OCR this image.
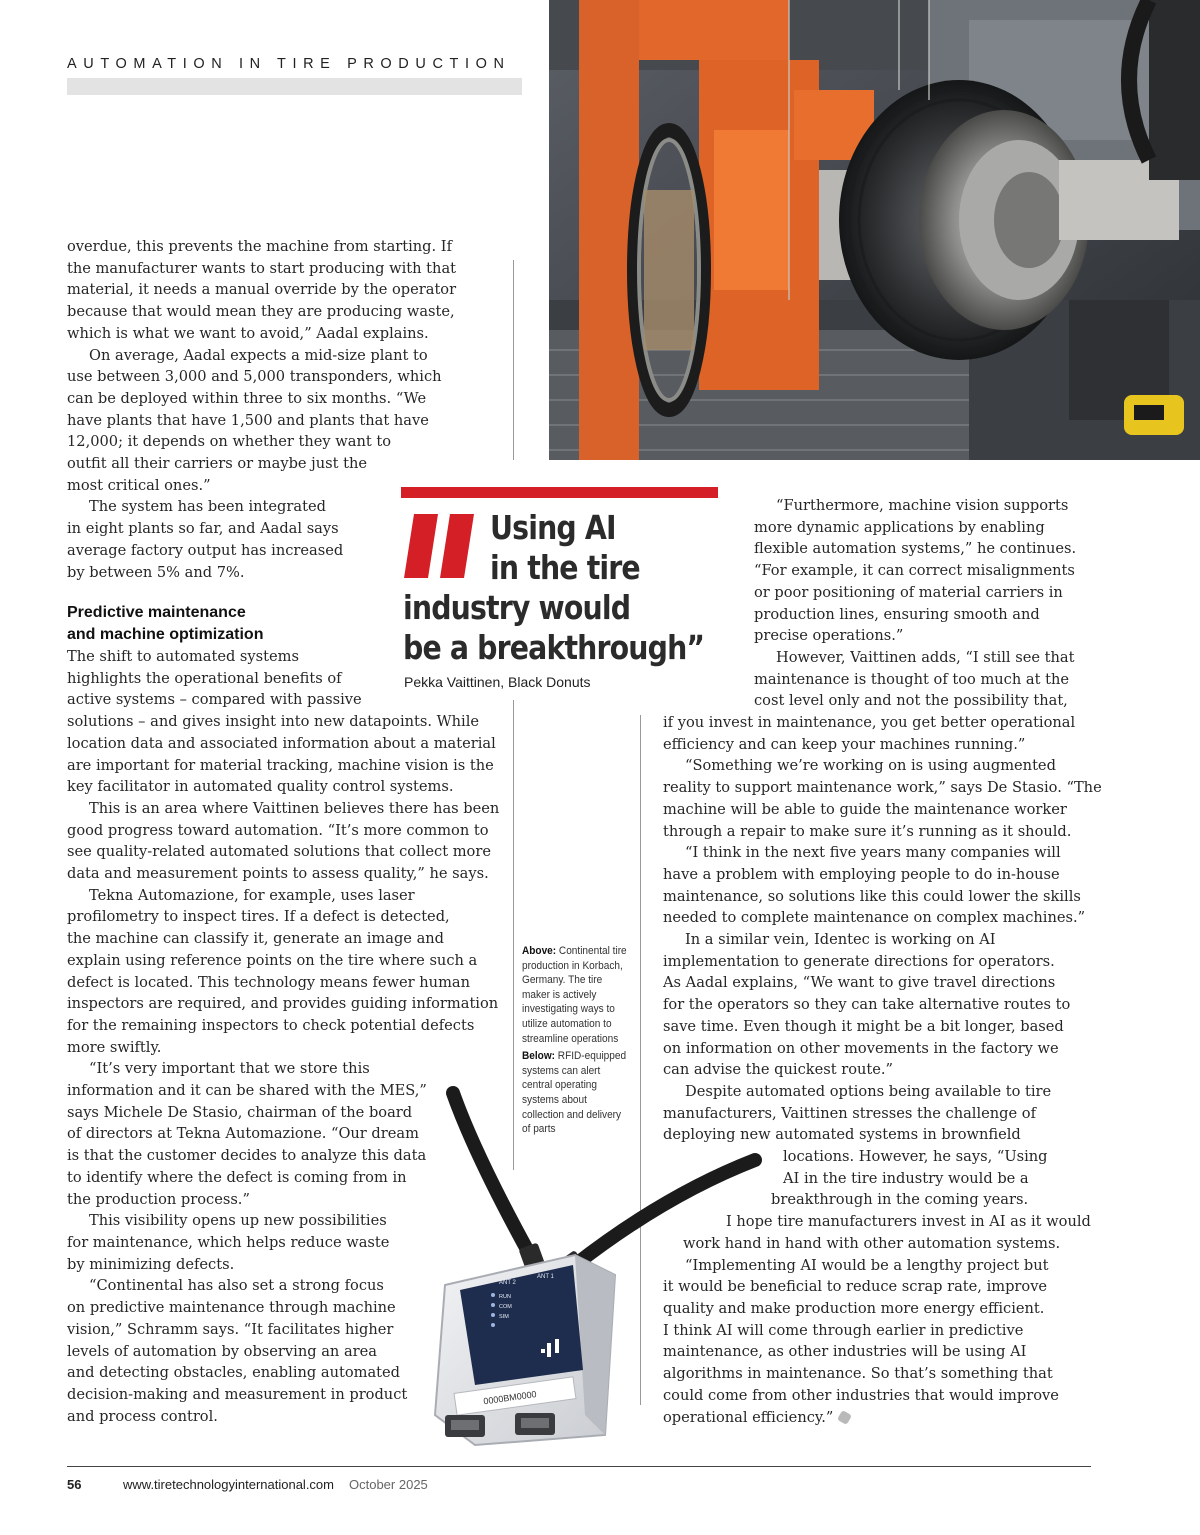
AUTOMATION IN TIRE PRODUCTION

overdue, this prevents the machine from starting. If

the manufacturer wants to start producing with that

material, it needs a manual override by the operator

because that would mean they are producing waste,

which is what we want to avoid,” Aadal explains.

On average, Aadal expects a mid-size plant to

use between 3,000 and 5,000 transponders, which

can be deployed within three to six months. “We

have plants that have 1,500 and plants that have

12,000; it depends on whether they want to

outfit all their carriers or maybe just the

most critical ones.”

The system has been integrated

in eight plants so far, and Aadal says

average factory output has increased

by between 5% and 7%.

Predictive maintenance
and machine optimization

The shift to automated systems

highlights the operational benefits of

active systems – compared with passive

solutions – and gives insight into new datapoints. While

location data and associated information about a material

are important for material tracking, machine vision is the

key facilitator in automated quality control systems.

This is an area where Vaittinen believes there has been

good progress toward automation. “It’s more common to

see quality-related automated solutions that collect more

data and measurement points to assess quality,” he says.

Tekna Automazione, for example, uses laser

profilometry to inspect tires. If a defect is detected,

the machine can classify it, generate an image and

explain using reference points on the tire where such a

defect is located. This technology means fewer human

inspectors are required, and provides guiding information

for the remaining inspectors to check potential defects

more swiftly.

“It’s very important that we store this

information and it can be shared with the MES,”

says Michele De Stasio, chairman of the board

of directors at Tekna Automazione. “Our dream

is that the customer decides to analyze this data

to identify where the defect is coming from in

the production process.”

This visibility opens up new possibilities

for maintenance, which helps reduce waste

by minimizing defects.

“Continental has also set a strong focus

on predictive maintenance through machine

vision,” Schramm says. “It facilitates higher

levels of automation by observing an area

and detecting obstacles, enabling automated

decision-making and measurement in product

and process control.

Using AI
in the tire
industry would
be a breakthrough”
Pekka Vaittinen, Black Donuts

Above: Continental tire production in Korbach, Germany. The tire maker is actively investigating ways to utilize automation to streamline operations

Below: RFID-equipped systems can alert central operating systems about collection and delivery of parts

“Furthermore, machine vision supports

more dynamic applications by enabling

flexible automation systems,” he continues.

“For example, it can correct misalignments

or poor positioning of material carriers in

production lines, ensuring smooth and

precise operations.”

However, Vaittinen adds, “I still see that

maintenance is thought of too much at the

cost level only and not the possibility that,

if you invest in maintenance, you get better operational

efficiency and can keep your machines running.”

“Something we’re working on is using augmented

reality to support maintenance work,” says De Stasio. “The

machine will be able to guide the maintenance worker

through a repair to make sure it’s running as it should.

“I think in the next five years many companies will

have a problem with employing people to do in-house

maintenance, so solutions like this could lower the skills

needed to complete maintenance on complex machines.”

In a similar vein, Identec is working on AI

implementation to generate directions for operators.

As Aadal explains, “We want to give travel directions

for the operators so they can take alternative routes to

save time. Even though it might be a bit longer, based

on information on other movements in the factory we

can advise the quickest route.”

Despite automated options being available to tire

manufacturers, Vaittinen stresses the challenge of

deploying new automated systems in brownfield

locations. However, he says, “Using

AI in the tire industry would be a

breakthrough in the coming years.

I hope tire manufacturers invest in AI as it would

work hand in hand with other automation systems.

“Implementing AI would be a lengthy project but

it would be beneficial to reduce scrap rate, improve

quality and make production more energy efficient.

I think AI will come through earlier in predictive

maintenance, as other industries will be using AI

algorithms in maintenance. So that’s something that

could come from other industries that would improve

operational efficiency.”

ANT 2
ANT 1
RUN
COM
SIM
0000BM0000
56	www.tiretechnologyinternational.com October 2025
